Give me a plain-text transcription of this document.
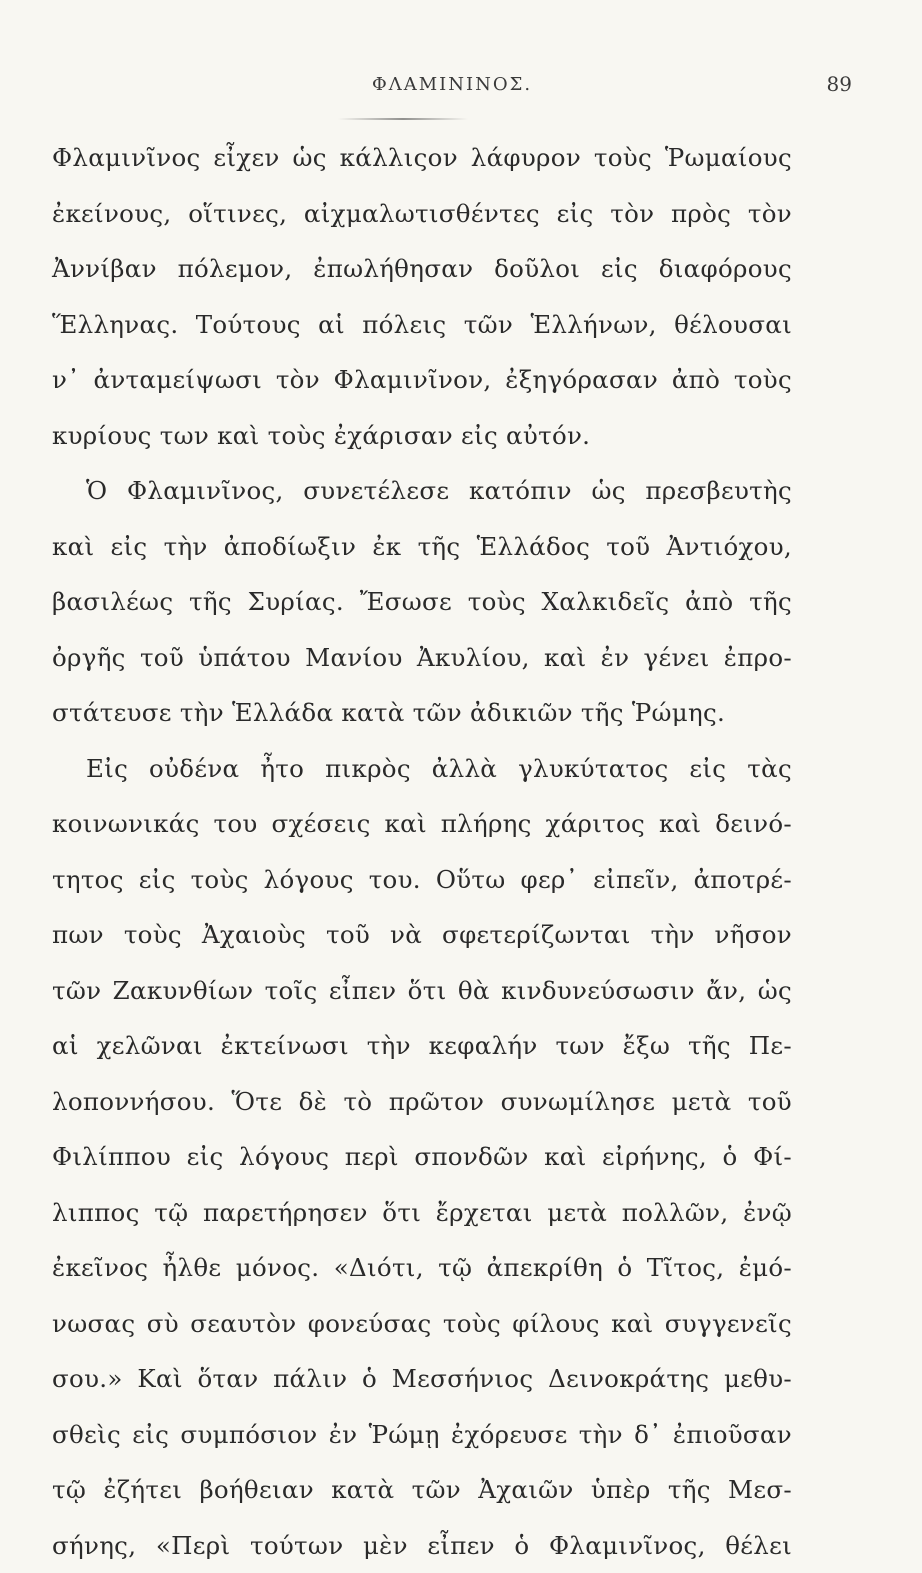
ΦΛΑΜΙΝΙΝΟΣ.	89
Φλαμινῖνος εἶχεν ὡς κάλλιςον λάφυρον τοὺς Ῥωμαίους
ἐκείνους, οἵτινες, αἰχμαλωτισθέντες εἰς τὸν πρὸς τὸν
Ἀννίβαν πόλεμον, ἐπωλήθησαν δοῦλοι εἰς διαφόρους
Ἕλληνας. Τούτους αἱ πόλεις τῶν Ἑλλήνων, θέλουσαι
ν᾽ ἀνταμείψωσι τὸν Φλαμινῖνον, ἐξηγόρασαν ἀπὸ τοὺς
κυρίους των καὶ τοὺς ἐχάρισαν εἰς αὐτόν.
Ὁ Φλαμινῖνος, συνετέλεσε κατόπιν ὡς πρεσβευτὴς
καὶ εἰς τὴν ἀποδίωξιν ἐκ τῆς Ἑλλάδος τοῦ Ἀντιόχου,
βασιλέως τῆς Συρίας. Ἔσωσε τοὺς Χαλκιδεῖς ἀπὸ τῆς
ὀργῆς τοῦ ὑπάτου Μανίου Ἀκυλίου, καὶ ἐν γένει ἐπρο-
στάτευσε τὴν Ἑλλάδα κατὰ τῶν ἀδικιῶν τῆς Ῥώμης.
Εἰς οὐδένα ἦτο πικρὸς ἀλλὰ γλυκύτατος εἰς τὰς
κοινωνικάς του σχέσεις καὶ πλήρης χάριτος καὶ δεινό-
τητος εἰς τοὺς λόγους του. Οὕτω φερ᾽ εἰπεῖν, ἀποτρέ-
πων τοὺς Ἀχαιοὺς τοῦ νὰ σφετερίζωνται τὴν νῆσον
τῶν Ζακυνθίων τοῖς εἶπεν ὅτι θὰ κινδυνεύσωσιν ἄν, ὡς
αἱ χελῶναι ἐκτείνωσι τὴν κεφαλήν των ἔξω τῆς Πε-
λοποννήσου. Ὅτε δὲ τὸ πρῶτον συνωμίλησε μετὰ τοῦ
Φιλίππου εἰς λόγους περὶ σπονδῶν καὶ εἰρήνης, ὁ Φί-
λιππος τῷ παρετήρησεν ὅτι ἔρχεται μετὰ πολλῶν, ἐνῷ
ἐκεῖνος ἦλθε μόνος. «Διότι, τῷ ἀπεκρίθη ὁ Τῖτος, ἐμό-
νωσας σὺ σεαυτὸν φονεύσας τοὺς φίλους καὶ συγγενεῖς
σου.» Καὶ ὅταν πάλιν ὁ Μεσσήνιος Δεινοκράτης μεθυ-
σθεὶς εἰς συμπόσιον ἐν Ῥώμῃ ἐχόρευσε τὴν δ᾽ ἐπιοῦσαν
τῷ ἐζήτει βοήθειαν κατὰ τῶν Ἀχαιῶν ὑπὲρ τῆς Μεσ-
σήνης, «Περὶ τούτων μὲν εἶπεν ὁ Φλαμινῖνος, θέλει
